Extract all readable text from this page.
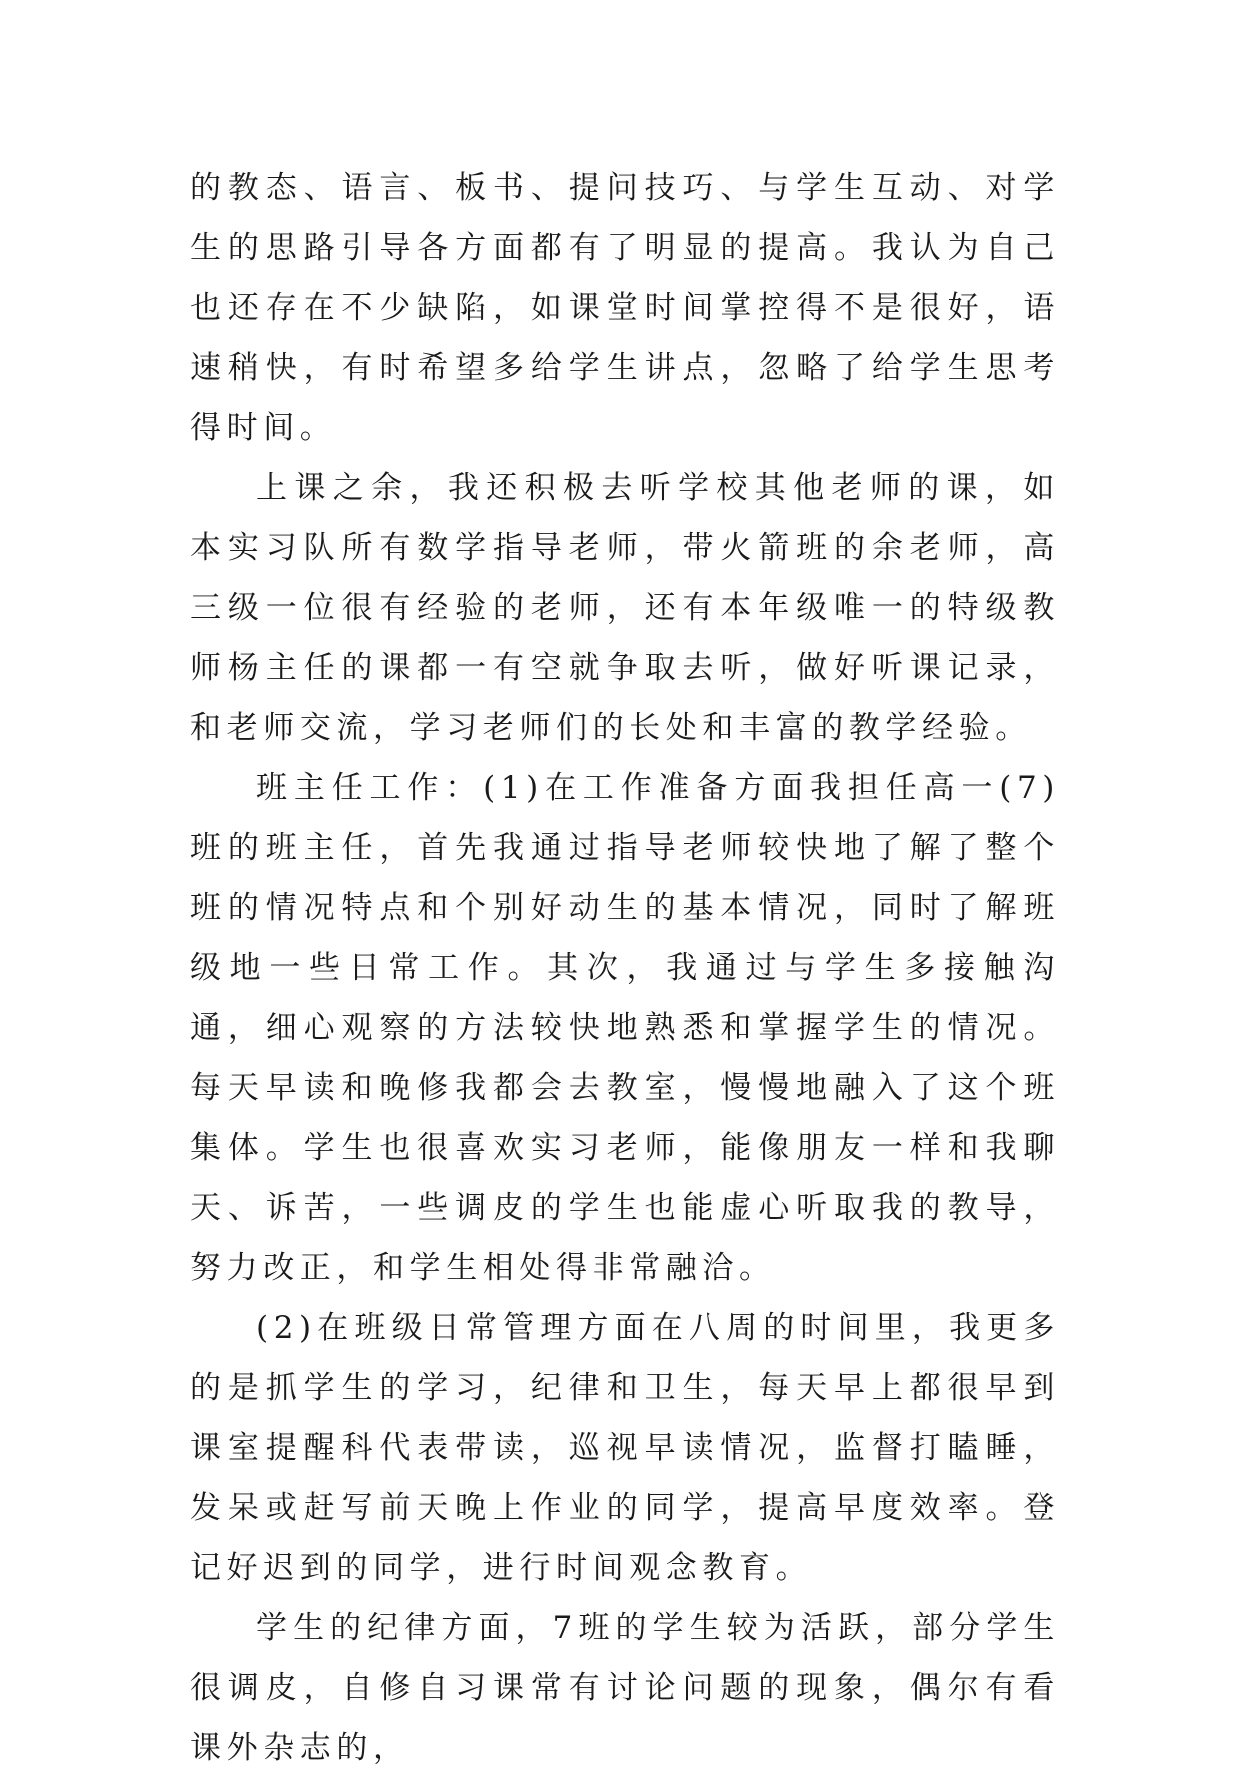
的教态、语言、板书、提问技巧、与学生互动、对学生的思路引导各方面都有了明显的提高。我认为自己也还存在不少缺陷，如课堂时间掌控得不是很好，语速稍快，有时希望多给学生讲点，忽略了给学生思考得时间。

上课之余，我还积极去听学校其他老师的课，如本实习队所有数学指导老师，带火箭班的余老师，高三级一位很有经验的老师，还有本年级唯一的特级教师杨主任的课都一有空就争取去听，做好听课记录，和老师交流，学习老师们的长处和丰富的教学经验。

班主任工作：(1)在工作准备方面我担任高一(7)班的班主任，首先我通过指导老师较快地了解了整个班的情况特点和个别好动生的基本情况，同时了解班级地一些日常工作。其次，我通过与学生多接触沟通，细心观察的方法较快地熟悉和掌握学生的情况。每天早读和晚修我都会去教室，慢慢地融入了这个班集体。学生也很喜欢实习老师，能像朋友一样和我聊天、诉苦，一些调皮的学生也能虚心听取我的教导，努力改正，和学生相处得非常融洽。

(2)在班级日常管理方面在八周的时间里，我更多的是抓学生的学习，纪律和卫生，每天早上都很早到课室提醒科代表带读，巡视早读情况，监督打瞌睡，发呆或赶写前天晚上作业的同学，提高早度效率。登记好迟到的同学，进行时间观念教育。

学生的纪律方面，7班的学生较为活跃，部分学生很调皮，自修自习课常有讨论问题的现象，偶尔有看课外杂志的，
